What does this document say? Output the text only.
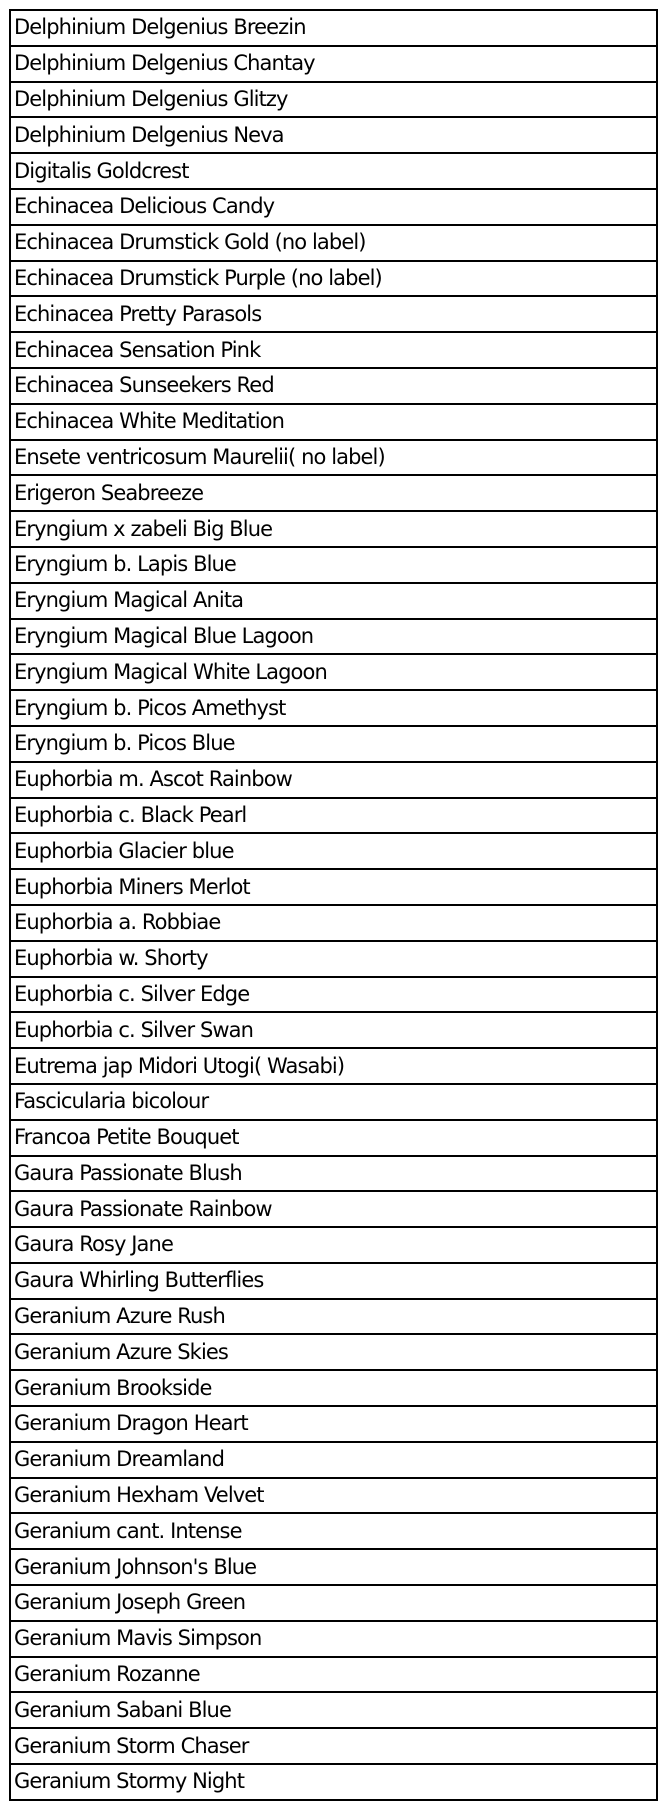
Delphinium Delgenius Breezin
Delphinium Delgenius Chantay
Delphinium Delgenius Glitzy
Delphinium Delgenius Neva
Digitalis Goldcrest
Echinacea Delicious Candy
Echinacea Drumstick Gold (no label)
Echinacea Drumstick Purple (no label)
Echinacea Pretty Parasols
Echinacea Sensation Pink
Echinacea Sunseekers Red
Echinacea White Meditation
Ensete ventricosum Maurelii( no label)
Erigeron Seabreeze
Eryngium x zabeli Big Blue
Eryngium b. Lapis Blue
Eryngium Magical Anita
Eryngium Magical Blue Lagoon
Eryngium Magical White Lagoon
Eryngium b. Picos Amethyst
Eryngium b. Picos Blue
Euphorbia m. Ascot Rainbow
Euphorbia c. Black Pearl
Euphorbia Glacier blue
Euphorbia Miners Merlot
Euphorbia a. Robbiae
Euphorbia w. Shorty
Euphorbia c. Silver Edge
Euphorbia c. Silver Swan
Eutrema jap Midori Utogi( Wasabi)
Fascicularia bicolour
Francoa Petite Bouquet
Gaura Passionate Blush
Gaura Passionate Rainbow
Gaura Rosy Jane
Gaura Whirling Butterflies
Geranium Azure Rush
Geranium Azure Skies
Geranium Brookside
Geranium Dragon Heart
Geranium Dreamland
Geranium Hexham Velvet
Geranium cant. Intense
Geranium Johnson's Blue
Geranium Joseph Green
Geranium Mavis Simpson
Geranium Rozanne
Geranium Sabani Blue
Geranium Storm Chaser
Geranium Stormy Night
